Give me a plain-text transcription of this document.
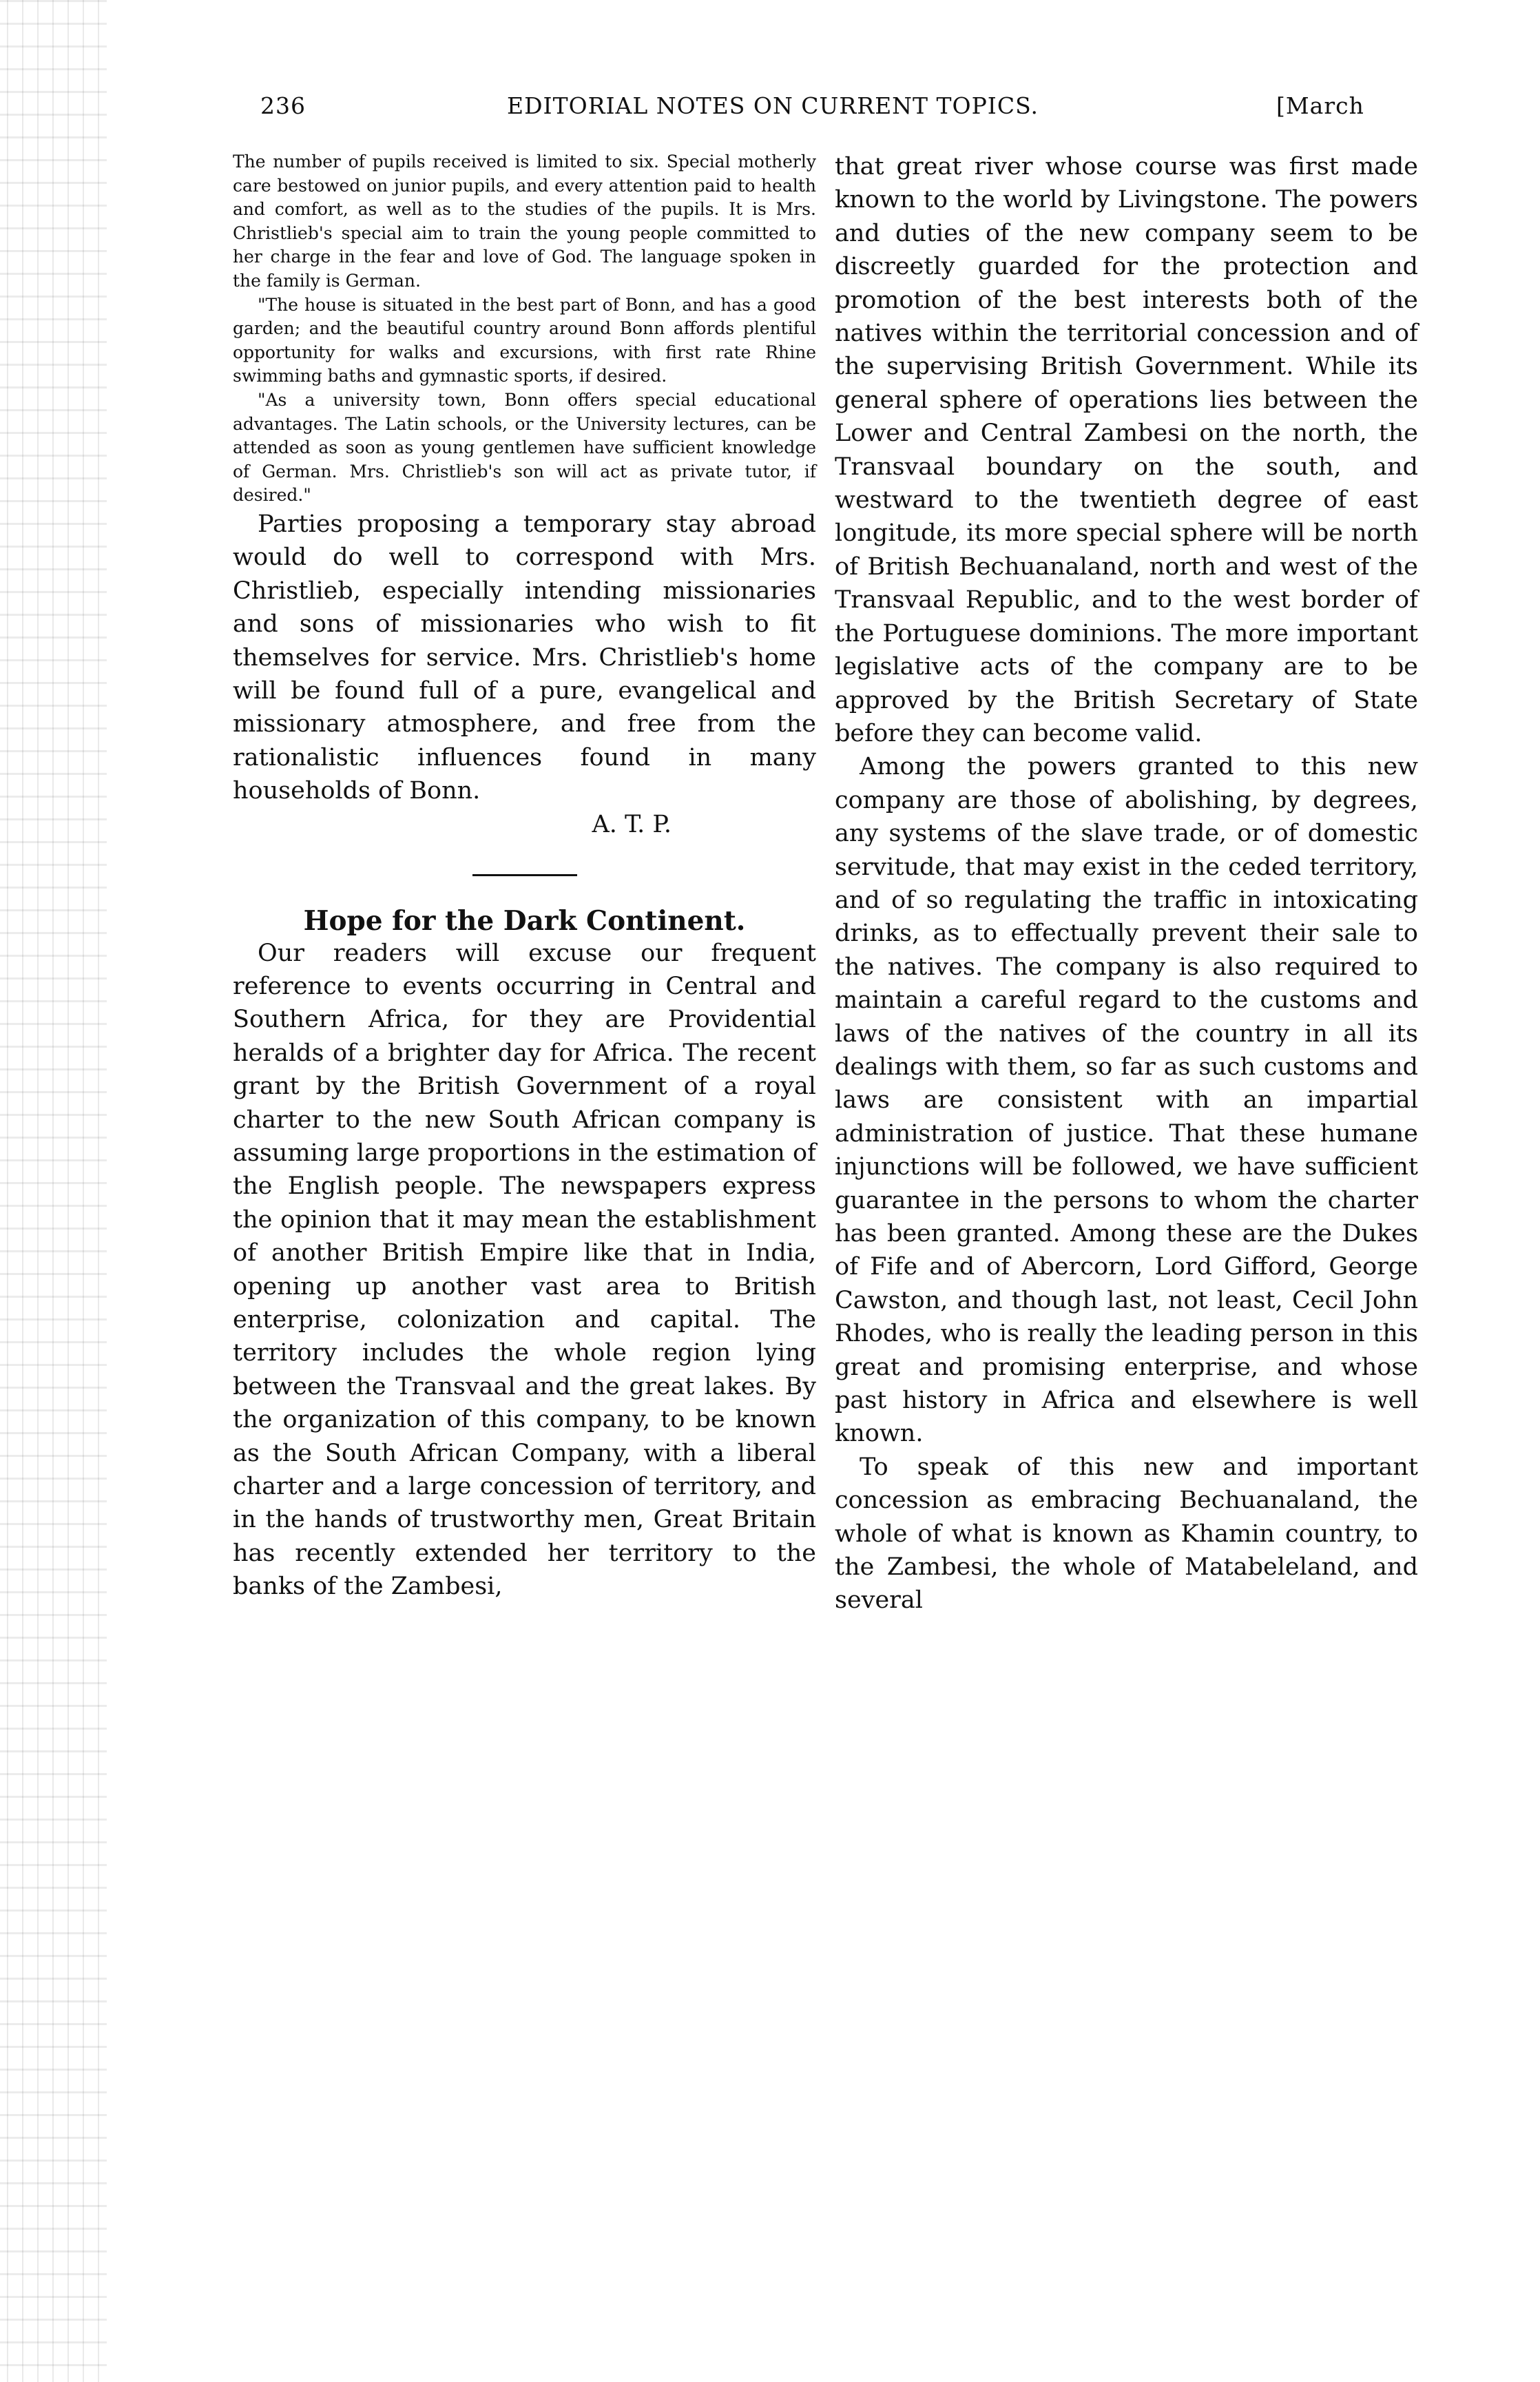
236	EDITORIAL NOTES ON CURRENT TOPICS.	[March

The number of pupils received is limited to six. Special motherly care bestowed on junior pupils, and every attention paid to health and comfort, as well as to the studies of the pupils. It is Mrs. Christlieb's special aim to train the young people committed to her charge in the fear and love of God. The language spoken in the family is German.

"The house is situated in the best part of Bonn, and has a good garden; and the beautiful country around Bonn affords plentiful opportunity for walks and excursions, with first rate Rhine swimming baths and gymnastic sports, if desired.

"As a university town, Bonn offers special educational advantages. The Latin schools, or the University lectures, can be attended as soon as young gentlemen have sufficient knowledge of German. Mrs. Christlieb's son will act as private tutor, if desired."

Parties proposing a temporary stay abroad would do well to correspond with Mrs. Christlieb, especially intending missionaries and sons of missionaries who wish to fit themselves for service. Mrs. Christlieb's home will be found full of a pure, evangelical and missionary atmosphere, and free from the rationalistic influences found in many households of Bonn.

A. T. P.

Hope for the Dark Continent.

Our readers will excuse our frequent reference to events occurring in Central and Southern Africa, for they are Providential heralds of a brighter day for Africa. The recent grant by the British Government of a royal charter to the new South African company is assuming large proportions in the estimation of the English people. The newspapers express the opinion that it may mean the establishment of another British Empire like that in India, opening up another vast area to British enterprise, colonization and capital. The territory includes the whole region lying between the Transvaal and the great lakes. By the organization of this company, to be known as the South African Company, with a liberal charter and a large concession of territory, and in the hands of trustworthy men, Great Britain has recently extended her territory to the banks of the Zambesi,

that great river whose course was first made known to the world by Livingstone. The powers and duties of the new company seem to be discreetly guarded for the protection and promotion of the best interests both of the natives within the territorial concession and of the supervising British Government. While its general sphere of operations lies between the Lower and Central Zambesi on the north, the Transvaal boundary on the south, and westward to the twentieth degree of east longitude, its more special sphere will be north of British Bechuanaland, north and west of the Transvaal Republic, and to the west border of the Portuguese dominions. The more important legislative acts of the company are to be approved by the British Secretary of State before they can become valid.

Among the powers granted to this new company are those of abolishing, by degrees, any systems of the slave trade, or of domestic servitude, that may exist in the ceded territory, and of so regulating the traffic in intoxicating drinks, as to effectually prevent their sale to the natives. The company is also required to maintain a careful regard to the customs and laws of the natives of the country in all its dealings with them, so far as such customs and laws are consistent with an impartial administration of justice. That these humane injunctions will be followed, we have sufficient guarantee in the persons to whom the charter has been granted. Among these are the Dukes of Fife and of Abercorn, Lord Gifford, George Cawston, and though last, not least, Cecil John Rhodes, who is really the leading person in this great and promising enterprise, and whose past history in Africa and elsewhere is well known.

To speak of this new and important concession as embracing Bechuanaland, the whole of what is known as Khamin country, to the Zambesi, the whole of Matabeleland, and several
